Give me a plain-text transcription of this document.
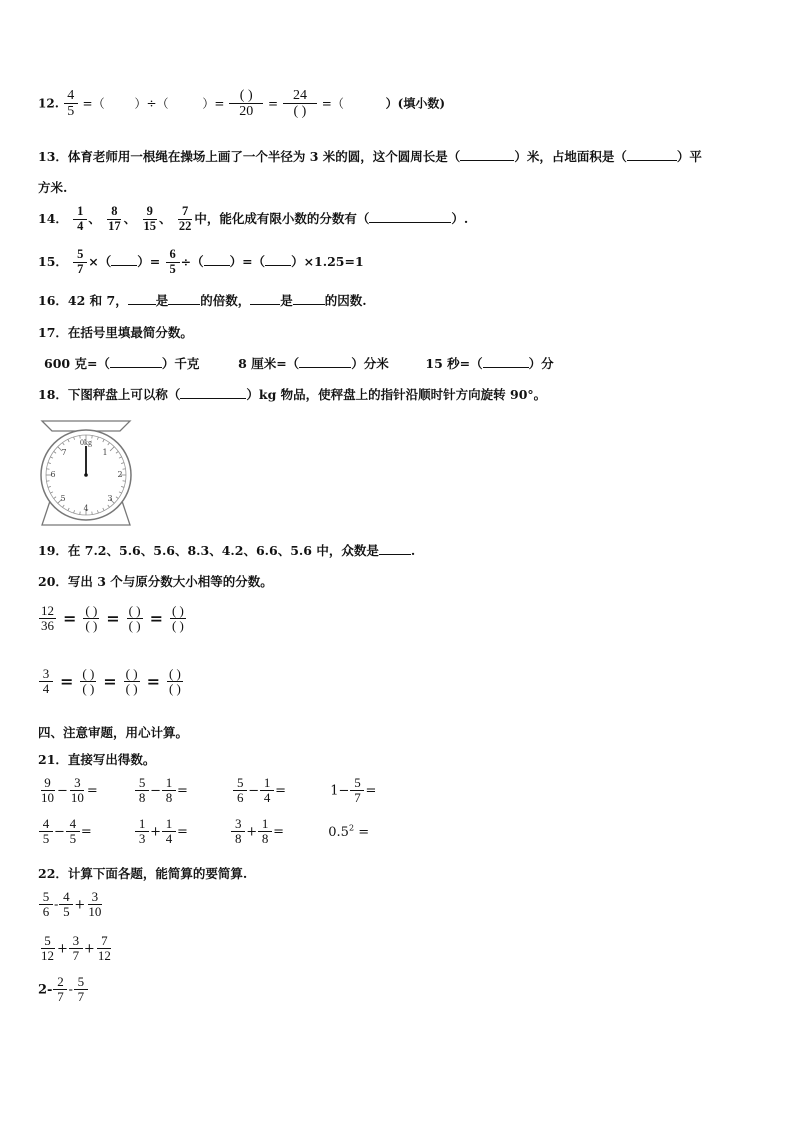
12. $\frac{4}{5}$ =（ ）÷（	）= $\frac{( )}{20} = \frac{24}{( )}$ =（	）(填小数)
13．体育老师用一根绳在操场上画了一个半径为 3 米的圆，这个圆周长是（	）米，占地面积是（	）平
方米.
14． $\frac{1}{4}$ 、 $\frac{8}{17}$ 、 $\frac{9}{15}$ 、 $\frac{7}{22}$ 中，能化成有限小数的分数有（	）.
15． $\frac{5}{7}$ ×（ ）= $\frac{6}{5}$ ÷（ ）=（ ）×1.25=1
16．42 和 7， 是	的倍数， 是	的因数.
17．在括号里填最简分数。
600 克=（	）千克	8 厘米=（	）分米	15 秒=（	）分
18．下图秤盘上可以称（	）kg 物品，使秤盘上的指针沿顺时针方向旋转 90°。
0kg
1
2
3
4
5
6
7
19．在 7.2、5.6、5.6、8.3、4.2、6.6、5.6 中，众数是	.
20．写出 3 个与原分数大小相等的分数。
$\frac{12}{36} = \frac{( )}{( )} = \frac{( )}{( )} = \frac{( )}{( )}$
$\frac{3}{4} = \frac{( )}{( )} = \frac{( )}{( )} = \frac{( )}{( )}$
四、注意审题，用心计算。
21．直接写出得数。
$\frac{9}{10} - \frac{3}{10}$ =	$\frac{5}{8} - \frac{1}{8}$ =	$\frac{5}{6} - \frac{1}{4}$ =	$1- \frac{5}{7}$ =
$\frac{4}{5} - \frac{4}{5}$ =	$\frac{1}{3} + \frac{1}{4}$ =	$\frac{3}{8} + \frac{1}{8}$ =	$0.5^2$ =
22．计算下面各题，能简算的要简算.
$\frac{5}{6} - \frac{4}{5} + \frac{3}{10}$
$\frac{5}{12} + \frac{3}{7} + \frac{7}{12}$
$2- \frac{2}{7} - \frac{5}{7}$
